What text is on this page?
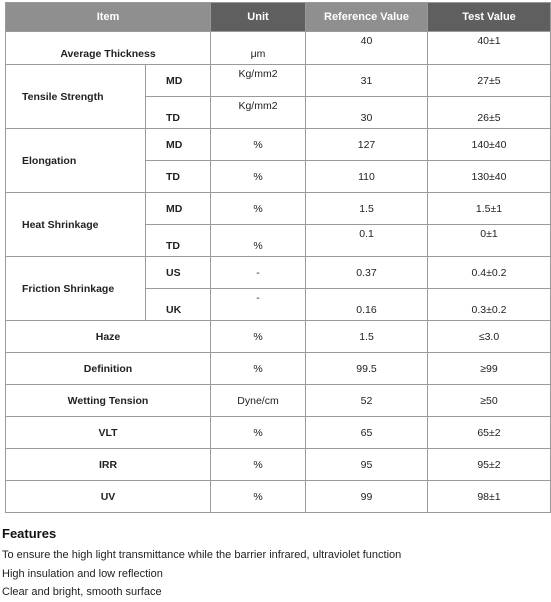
Item		Unit	Reference Value	Test Value
Average Thickness		μm	40	40±1
Tensile Strength	MD	Kg/mm2	31	27±5
	TD	Kg/mm2	30	26±5
Elongation	MD	%	127	140±40
	TD	%	110	130±40
Heat Shrinkage	MD	%	1.5	1.5±1
	TD	%	0.1	0±1
Friction Shrinkage	US	-	0.37	0.4±0.2
	UK	-	0.16	0.3±0.2
Haze		%	1.5	≤3.0
Definition		%	99.5	≥99
Wetting Tension		Dyne/cm	52	≥50
VLT		%	65	65±2
IRR		%	95	95±2
UV		%	99	98±1
Features
To ensure the high light transmittance while the barrier infrared, ultraviolet function
High insulation and low reflection
Clear and bright, smooth surface
